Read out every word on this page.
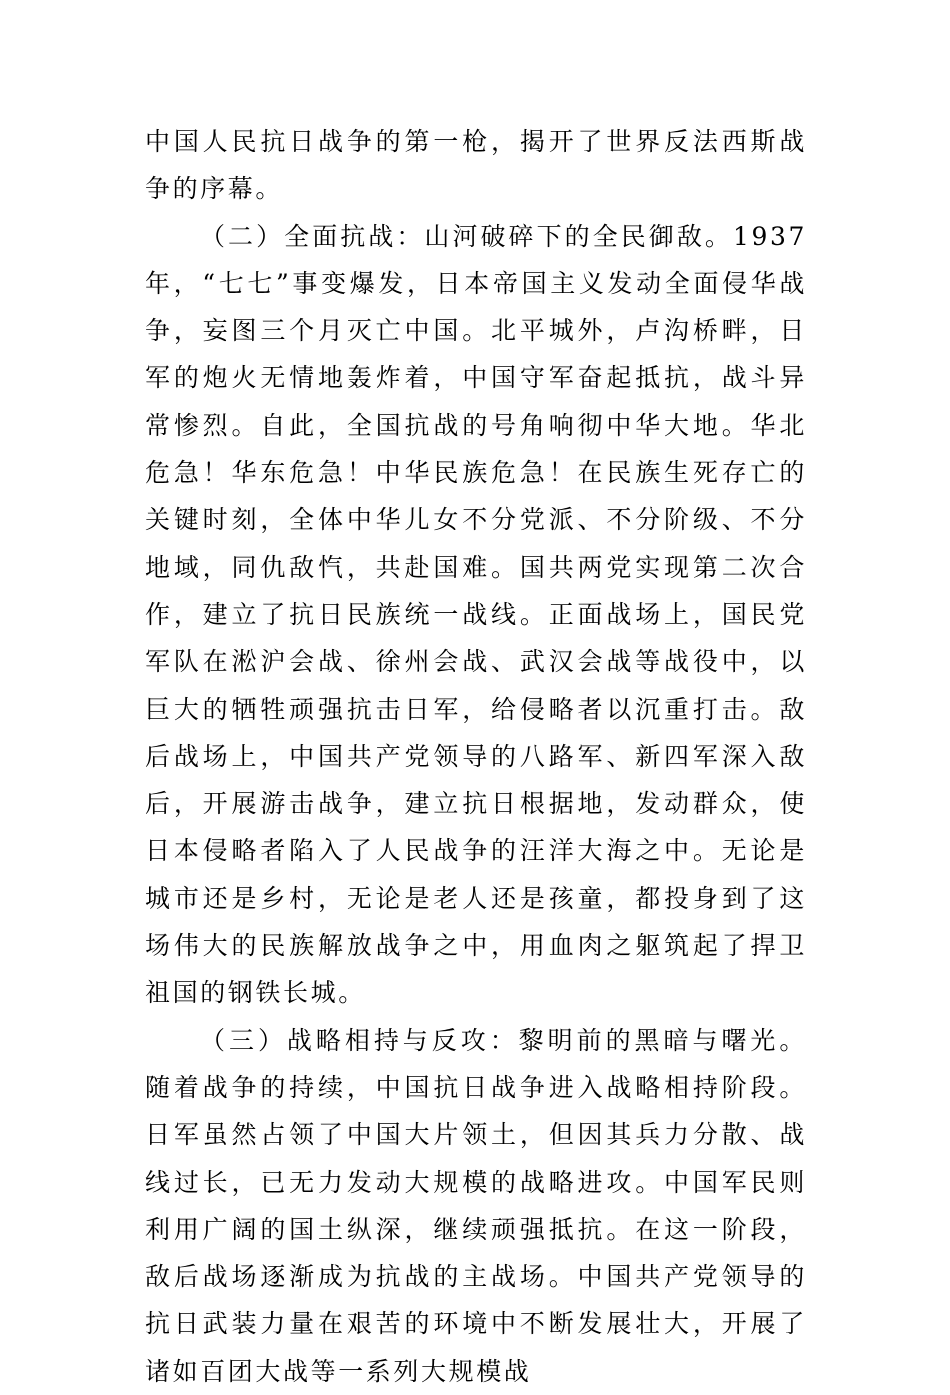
中国人民抗日战争的第一枪，揭开了世界反法西斯战争的序幕。

（二）全面抗战：山河破碎下的全民御敌。1937年，“七七”事变爆发，日本帝国主义发动全面侵华战争，妄图三个月灭亡中国。北平城外，卢沟桥畔，日军的炮火无情地轰炸着，中国守军奋起抵抗，战斗异常惨烈。自此，全国抗战的号角响彻中华大地。华北危急！华东危急！中华民族危急！在民族生死存亡的关键时刻，全体中华儿女不分党派、不分阶级、不分地域，同仇敌忾，共赴国难。国共两党实现第二次合作，建立了抗日民族统一战线。正面战场上，国民党军队在淞沪会战、徐州会战、武汉会战等战役中，以巨大的牺牲顽强抗击日军，给侵略者以沉重打击。敌后战场上，中国共产党领导的八路军、新四军深入敌后，开展游击战争，建立抗日根据地，发动群众，使日本侵略者陷入了人民战争的汪洋大海之中。无论是城市还是乡村，无论是老人还是孩童，都投身到了这场伟大的民族解放战争之中，用血肉之躯筑起了捍卫祖国的钢铁长城。

（三）战略相持与反攻：黎明前的黑暗与曙光。随着战争的持续，中国抗日战争进入战略相持阶段。日军虽然占领了中国大片领土，但因其兵力分散、战线过长，已无力发动大规模的战略进攻。中国军民则利用广阔的国土纵深，继续顽强抵抗。在这一阶段，敌后战场逐渐成为抗战的主战场。中国共产党领导的抗日武装力量在艰苦的环境中不断发展壮大，开展了诸如百团大战等一系列大规模战
